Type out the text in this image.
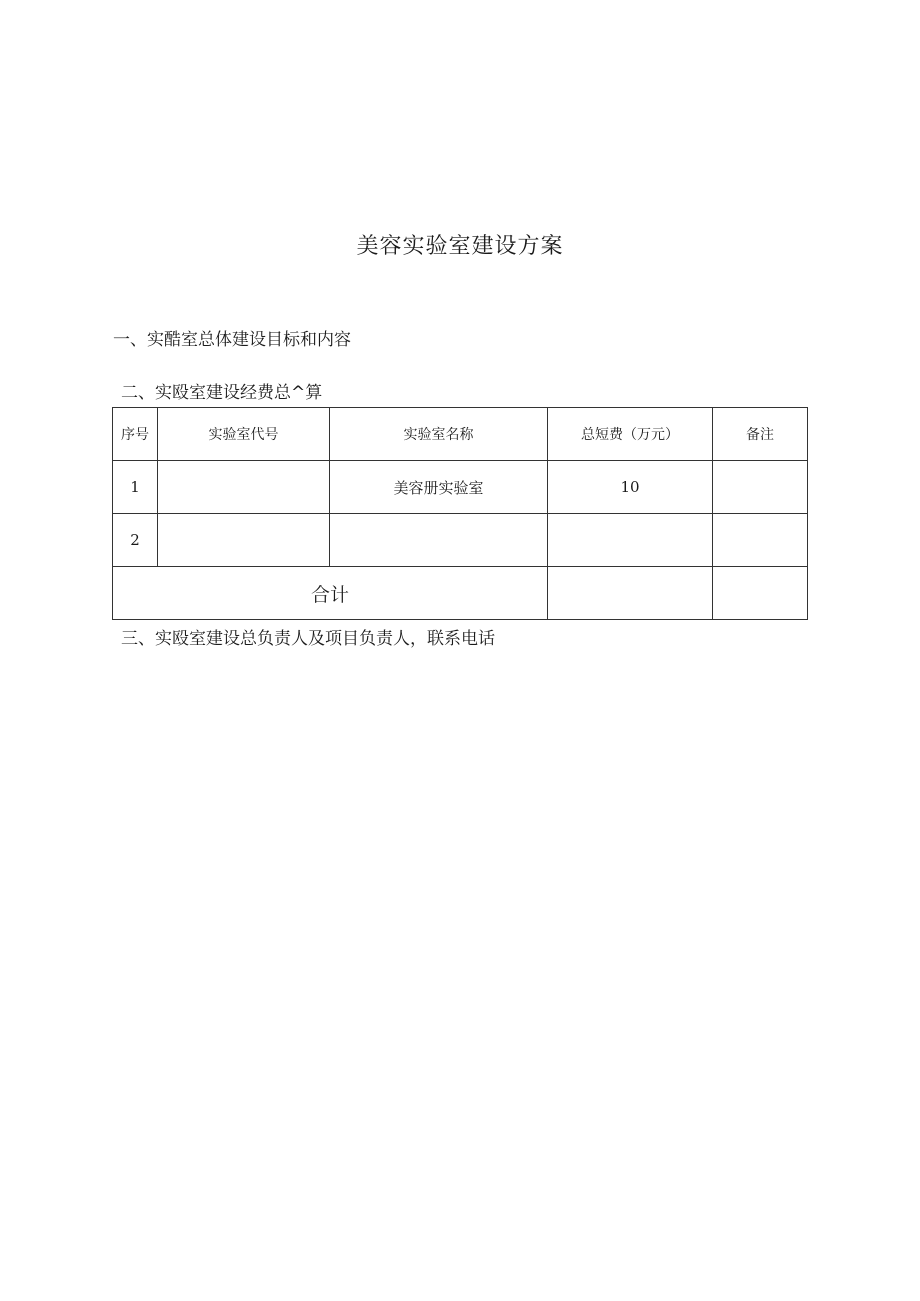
美容实验室建设方案
一、实酷室总体建设目标和内容
二、实殴室建设经费总^算
序号	实验室代号	实验室名称	总短费（万元）	备注
1		美容册实验室	10	
2				
合计				
三、实殴室建设总负责人及项目负责人，联系电话
